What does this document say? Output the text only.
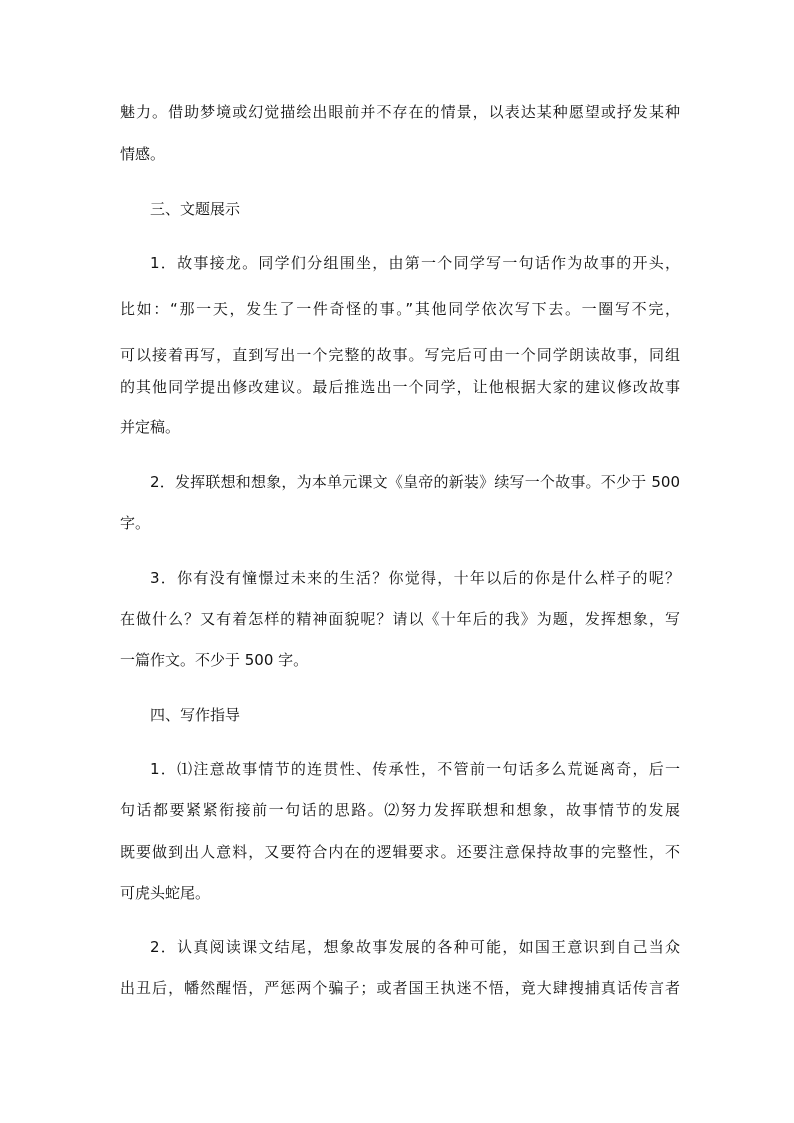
魅力。借助梦境或幻觉描绘出眼前并不存在的情景，以表达某种愿望或抒发某种
情感。
三、文题展示
1．故事接龙。同学们分组围坐，由第一个同学写一句话作为故事的开头，
比如：“那一天，发生了一件奇怪的事。”其他同学依次写下去。一圈写不完，
可以接着再写，直到写出一个完整的故事。写完后可由一个同学朗读故事，同组
的其他同学提出修改建议。最后推选出一个同学，让他根据大家的建议修改故事
并定稿。
2．发挥联想和想象，为本单元课文《皇帝的新装》续写一个故事。不少于 500
字。
3．你有没有憧憬过未来的生活？你觉得，十年以后的你是什么样子的呢？
在做什么？又有着怎样的精神面貌呢？请以《十年后的我》为题，发挥想象，写
一篇作文。不少于 500 字。
四、写作指导
1．⑴注意故事情节的连贯性、传承性，不管前一句话多么荒诞离奇，后一
句话都要紧紧衔接前一句话的思路。⑵努力发挥联想和想象，故事情节的发展
既要做到出人意料，又要符合内在的逻辑要求。还要注意保持故事的完整性，不
可虎头蛇尾。
2．认真阅读课文结尾，想象故事发展的各种可能，如国王意识到自己当众
出丑后，幡然醒悟，严惩两个骗子；或者国王执迷不悟，竟大肆搜捕真话传言者
